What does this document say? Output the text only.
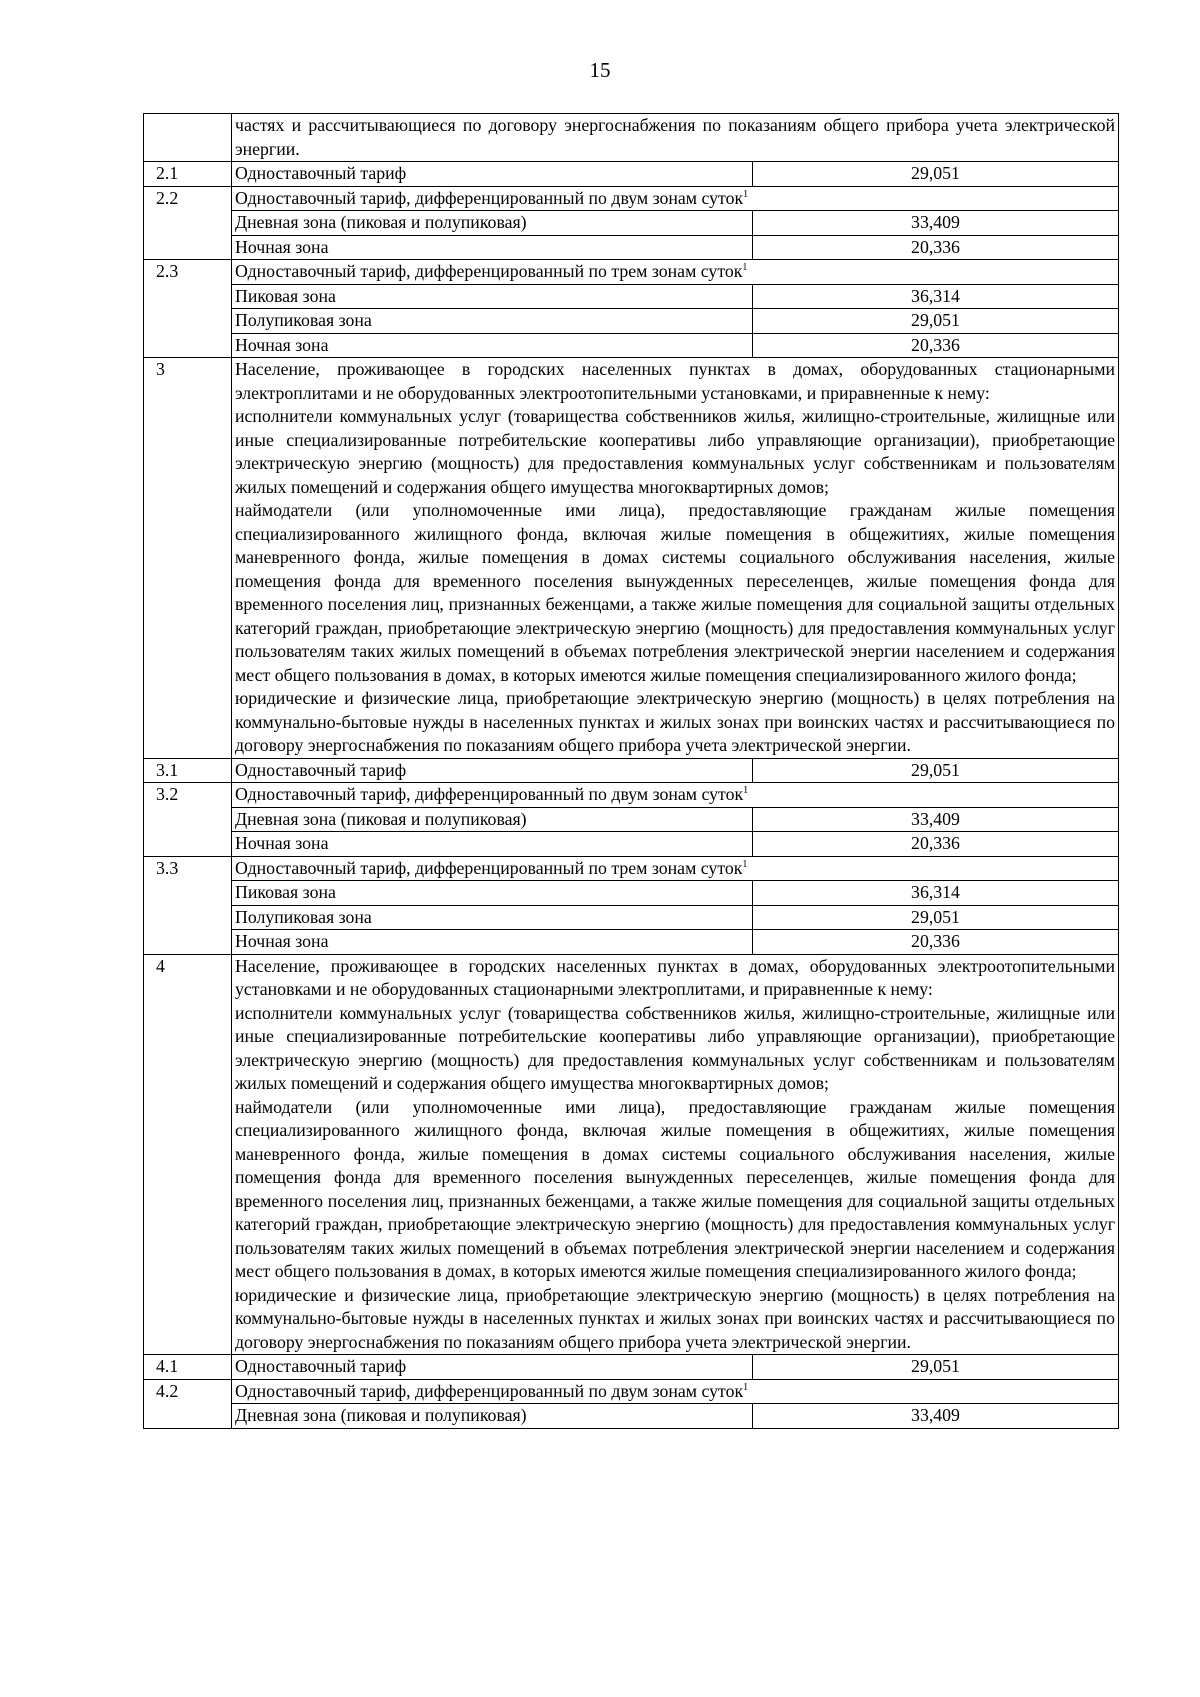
15

	частях и рассчитывающиеся по договору энергоснабжения по показаниям общего прибора учета электрической энергии.	

2.1	Одноставочный тариф	29,051
2.2	Одноставочный тариф, дифференцированный по двум зонам суток$^1$
	Дневная зона (пиковая и полупиковая)	33,409
	Ночная зона	20,336
2.3	Одноставочный тариф, дифференцированный по трем зонам суток$^1$
	Пиковая зона	36,314
	Полупиковая зона	29,051
	Ночная зона	20,336
3	Население, проживающее в городских населенных пунктах в домах, оборудованных стационарными электроплитами и не оборудованных электроотопительными установками, и приравненные к нему:
исполнители коммунальных услуг (товарищества собственников жилья, жилищно-строительные, жилищные или иные специализированные потребительские кооперативы либо управляющие организации), приобретающие электрическую энергию (мощность) для предоставления коммунальных услуг собственникам и пользователям жилых помещений и содержания общего имущества многоквартирных домов;
наймодатели (или уполномоченные ими лица), предоставляющие гражданам жилые помещения специализированного жилищного фонда, включая жилые помещения в общежитиях, жилые помещения маневренного фонда, жилые помещения в домах системы социального обслуживания населения, жилые помещения фонда для временного поселения вынужденных переселенцев, жилые помещения фонда для временного поселения лиц, признанных беженцами, а также жилые помещения для социальной защиты отдельных категорий граждан, приобретающие электрическую энергию (мощность) для предоставления коммунальных услуг пользователям таких жилых помещений в объемах потребления электрической энергии населением и содержания мест общего пользования в домах, в которых имеются жилые помещения специализированного жилого фонда;
юридические и физические лица, приобретающие электрическую энергию (мощность) в целях потребления на коммунально-бытовые нужды в населенных пунктах и жилых зонах при воинских частях и рассчитывающиеся по договору энергоснабжения по показаниям общего прибора учета электрической энергии.	

3.1	Одноставочный тариф	29,051
3.2	Одноставочный тариф, дифференцированный по двум зонам суток$^1$
	Дневная зона (пиковая и полупиковая)	33,409
	Ночная зона	20,336
3.3	Одноставочный тариф, дифференцированный по трем зонам суток$^1$
	Пиковая зона	36,314
	Полупиковая зона	29,051
	Ночная зона	20,336
4	Население, проживающее в городских населенных пунктах в домах, оборудованных электроотопительными установками и не оборудованных стационарными электроплитами, и приравненные к нему:
исполнители коммунальных услуг (товарищества собственников жилья, жилищно-строительные, жилищные или иные специализированные потребительские кооперативы либо управляющие организации), приобретающие электрическую энергию (мощность) для предоставления коммунальных услуг собственникам и пользователям жилых помещений и содержания общего имущества многоквартирных домов;
наймодатели (или уполномоченные ими лица), предоставляющие гражданам жилые помещения специализированного жилищного фонда, включая жилые помещения в общежитиях, жилые помещения маневренного фонда, жилые помещения в домах системы социального обслуживания населения, жилые помещения фонда для временного поселения вынужденных переселенцев, жилые помещения фонда для временного поселения лиц, признанных беженцами, а также жилые помещения для социальной защиты отдельных категорий граждан, приобретающие электрическую энергию (мощность) для предоставления коммунальных услуг пользователям таких жилых помещений в объемах потребления электрической энергии населением и содержания мест общего пользования в домах, в которых имеются жилые помещения специализированного жилого фонда;
юридические и физические лица, приобретающие электрическую энергию (мощность) в целях потребления на коммунально-бытовые нужды в населенных пунктах и жилых зонах при воинских частях и рассчитывающиеся по договору энергоснабжения по показаниям общего прибора учета электрической энергии.	

4.1	Одноставочный тариф	29,051
4.2	Одноставочный тариф, дифференцированный по двум зонам суток$^1$
	Дневная зона (пиковая и полупиковая)	33,409
